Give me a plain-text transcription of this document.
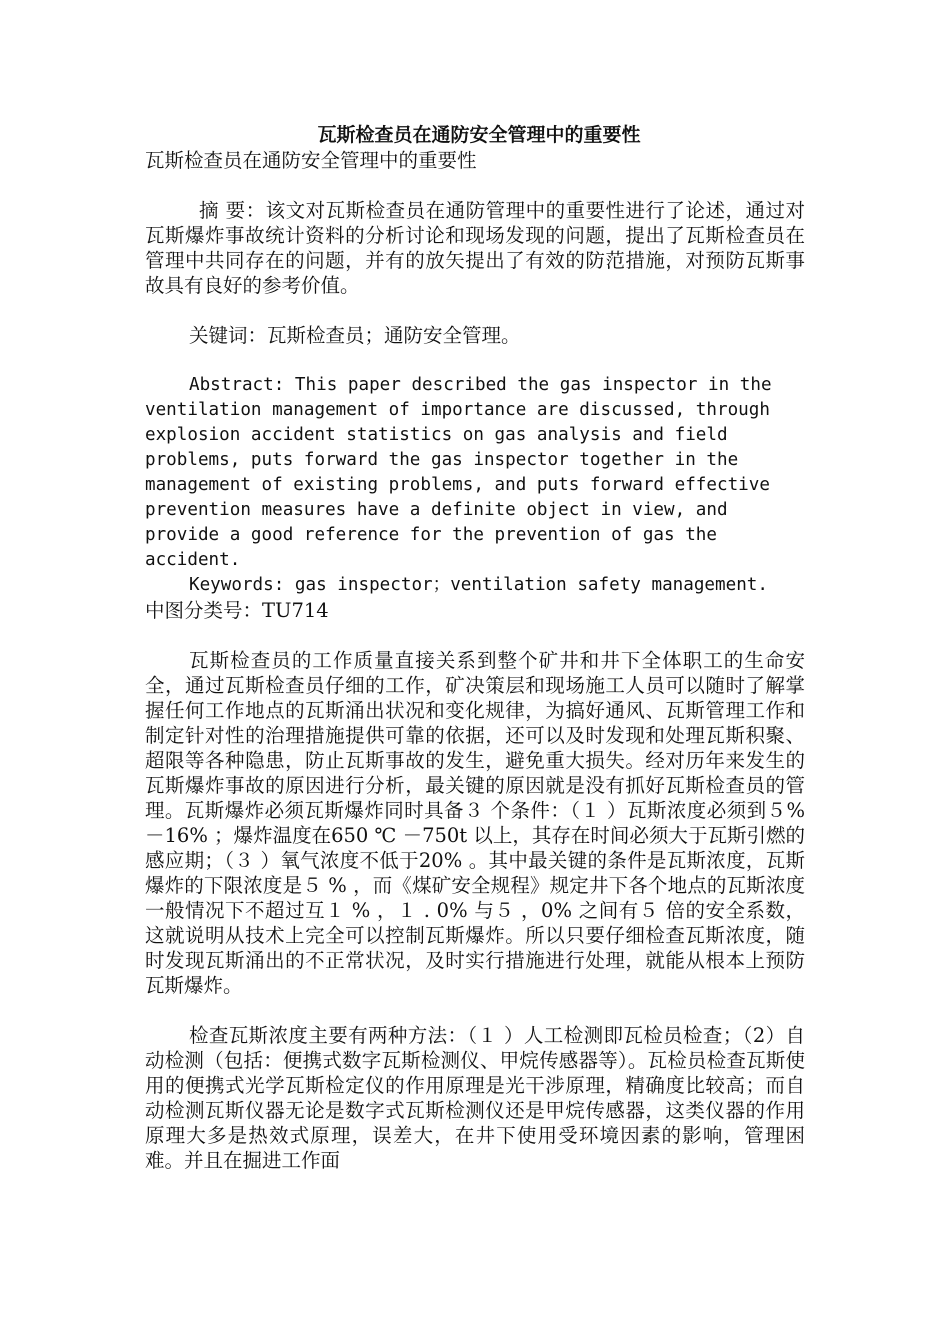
瓦斯检查员在通防安全管理中的重要性

瓦斯检查员在通防安全管理中的重要性

摘 要：该文对瓦斯检查员在通防管理中的重要性进行了论述，通过对瓦斯爆炸事故统计资料的分析讨论和现场发现的问题，提出了瓦斯检查员在管理中共同存在的问题，并有的放矢提出了有效的防范措施，对预防瓦斯事故具有良好的参考价值。

关键词：瓦斯检查员；通防安全管理。

Abstract: This paper described the gas inspector in the ventilation management of importance are discussed, through explosion accident statistics on gas analysis and field problems, puts forward the gas inspector together in the management of existing problems, and puts forward effective prevention measures have a definite object in view, and provide a good reference for the prevention of gas the accident.

Keywords: gas inspector；ventilation safety management.

中图分类号：TU714

瓦斯检查员的工作质量直接关系到整个矿井和井下全体职工的生命安全，通过瓦斯检查员仔细的工作，矿决策层和现场施工人员可以随时了解掌握任何工作地点的瓦斯涌出状况和变化规律，为搞好通风、瓦斯管理工作和制定针对性的治理措施提供可靠的依据，还可以及时发现和处理瓦斯积聚、超限等各种隐患，防止瓦斯事故的发生，避免重大损失。经对历年来发生的瓦斯爆炸事故的原因进行分析，最关键的原因就是没有抓好瓦斯检查员的管理。瓦斯爆炸必须瓦斯爆炸同时具备３ 个条件：（１ ）瓦斯浓度必须到５% －16% ；爆炸温度在650 ℃ －750t 以上，其存在时间必须大于瓦斯引燃的感应期；（３ ）氧气浓度不低于20% 。其中最关键的条件是瓦斯浓度，瓦斯爆炸的下限浓度是５ % ，而《煤矿安全规程》规定井下各个地点的瓦斯浓度一般情况下不超过互１ % ，１ . 0% 与５ ，0% 之间有５ 倍的安全系数，这就说明从技术上完全可以控制瓦斯爆炸。所以只要仔细检查瓦斯浓度，随时发现瓦斯涌出的不正常状况，及时实行措施进行处理，就能从根本上预防瓦斯爆炸。

检查瓦斯浓度主要有两种方法：（１ ）人工检测即瓦检员检查；（2）自动检测（包括：便携式数字瓦斯检测仪、甲烷传感器等）。瓦检员检查瓦斯使用的便携式光学瓦斯检定仪的作用原理是光干涉原理，精确度比较高；而自动检测瓦斯仪器无论是数字式瓦斯检测仪还是甲烷传感器，这类仪器的作用原理大多是热效式原理，误差大，在井下使用受环境因素的影响，管理困难。并且在掘进工作面
